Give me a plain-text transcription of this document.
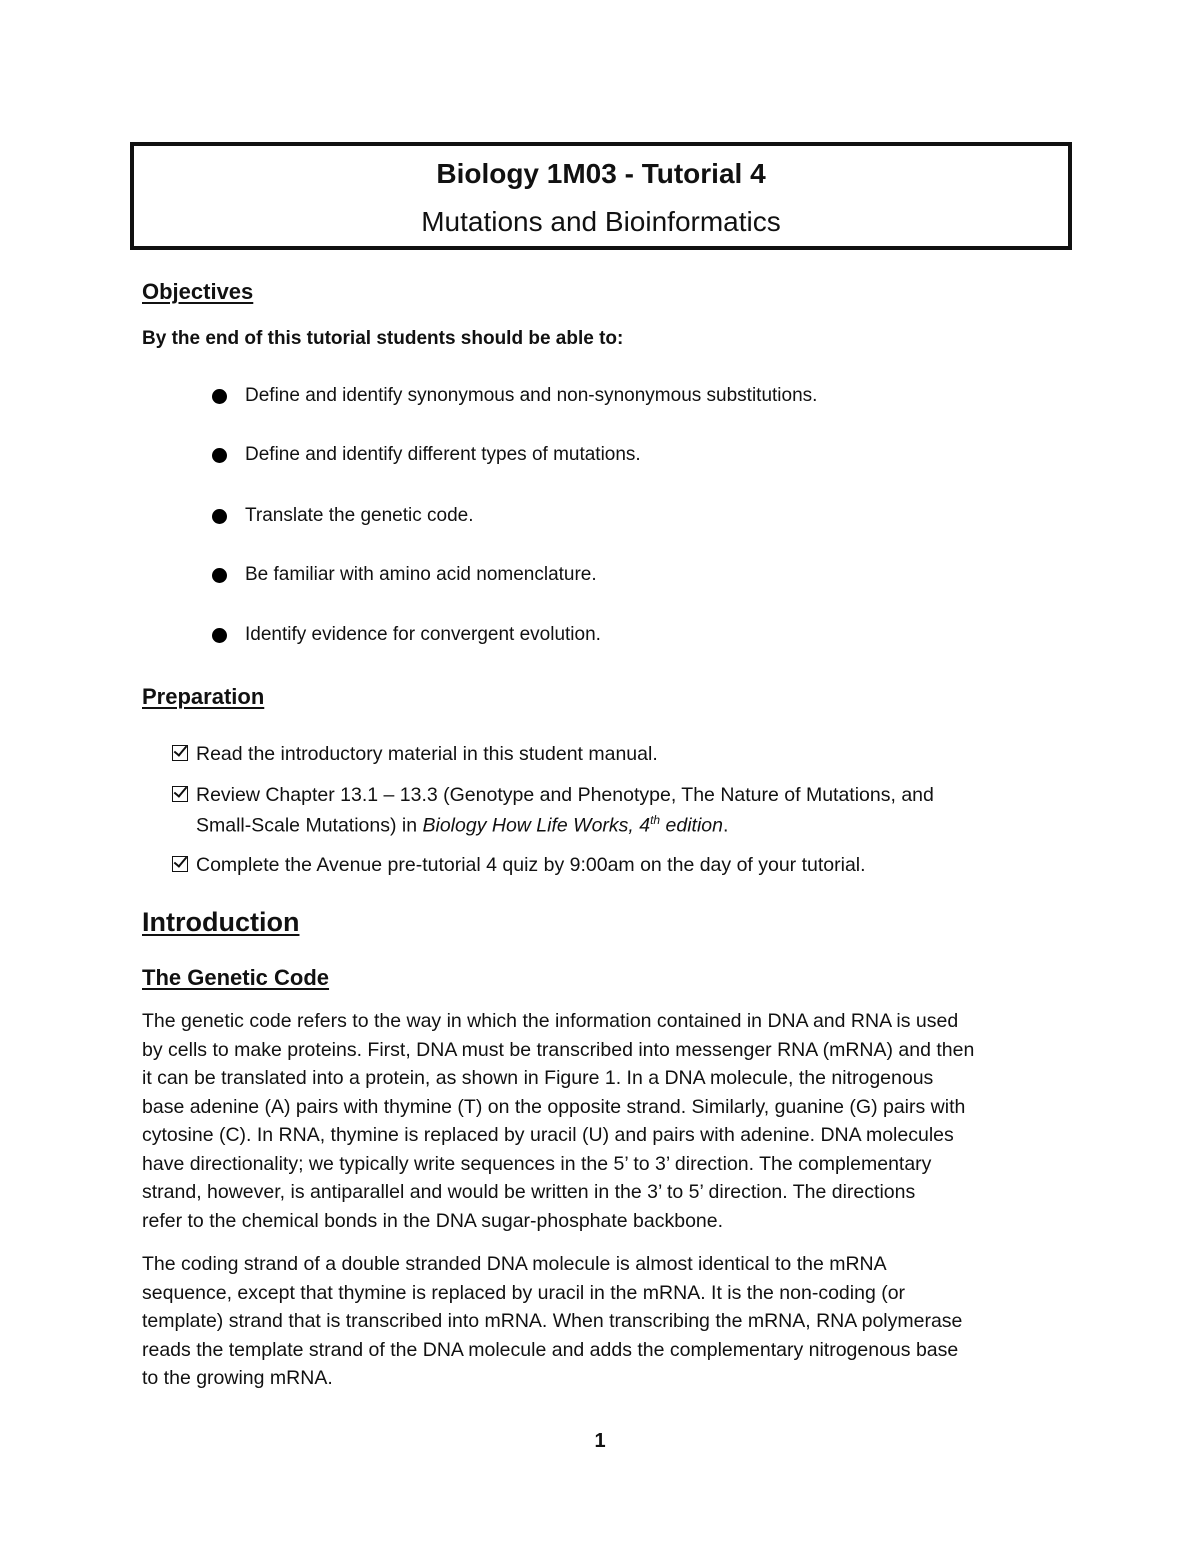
Biology 1M03 - Tutorial 4
Mutations and Bioinformatics
Objectives
By the end of this tutorial students should be able to:
Define and identify synonymous and non-synonymous substitutions.
Define and identify different types of mutations.
Translate the genetic code.
Be familiar with amino acid nomenclature.
Identify evidence for convergent evolution.
Preparation
Read the introductory material in this student manual.
Review Chapter 13.1 – 13.3 (Genotype and Phenotype, The Nature of Mutations, and
Small-Scale Mutations) in Biology How Life Works, 4th edition.
Complete the Avenue pre-tutorial 4 quiz by 9:00am on the day of your tutorial.
Introduction
The Genetic Code
The genetic code refers to the way in which the information contained in DNA and RNA is used
by cells to make proteins. First, DNA must be transcribed into messenger RNA (mRNA) and then
it can be translated into a protein, as shown in Figure 1. In a DNA molecule, the nitrogenous
base adenine (A) pairs with thymine (T) on the opposite strand. Similarly, guanine (G) pairs with
cytosine (C). In RNA, thymine is replaced by uracil (U) and pairs with adenine. DNA molecules
have directionality; we typically write sequences in the 5’ to 3’ direction. The complementary
strand, however, is antiparallel and would be written in the 3’ to 5’ direction. The directions
refer to the chemical bonds in the DNA sugar-phosphate backbone.
The coding strand of a double stranded DNA molecule is almost identical to the mRNA
sequence, except that thymine is replaced by uracil in the mRNA. It is the non-coding (or
template) strand that is transcribed into mRNA. When transcribing the mRNA, RNA polymerase
reads the template strand of the DNA molecule and adds the complementary nitrogenous base
to the growing mRNA.
1
